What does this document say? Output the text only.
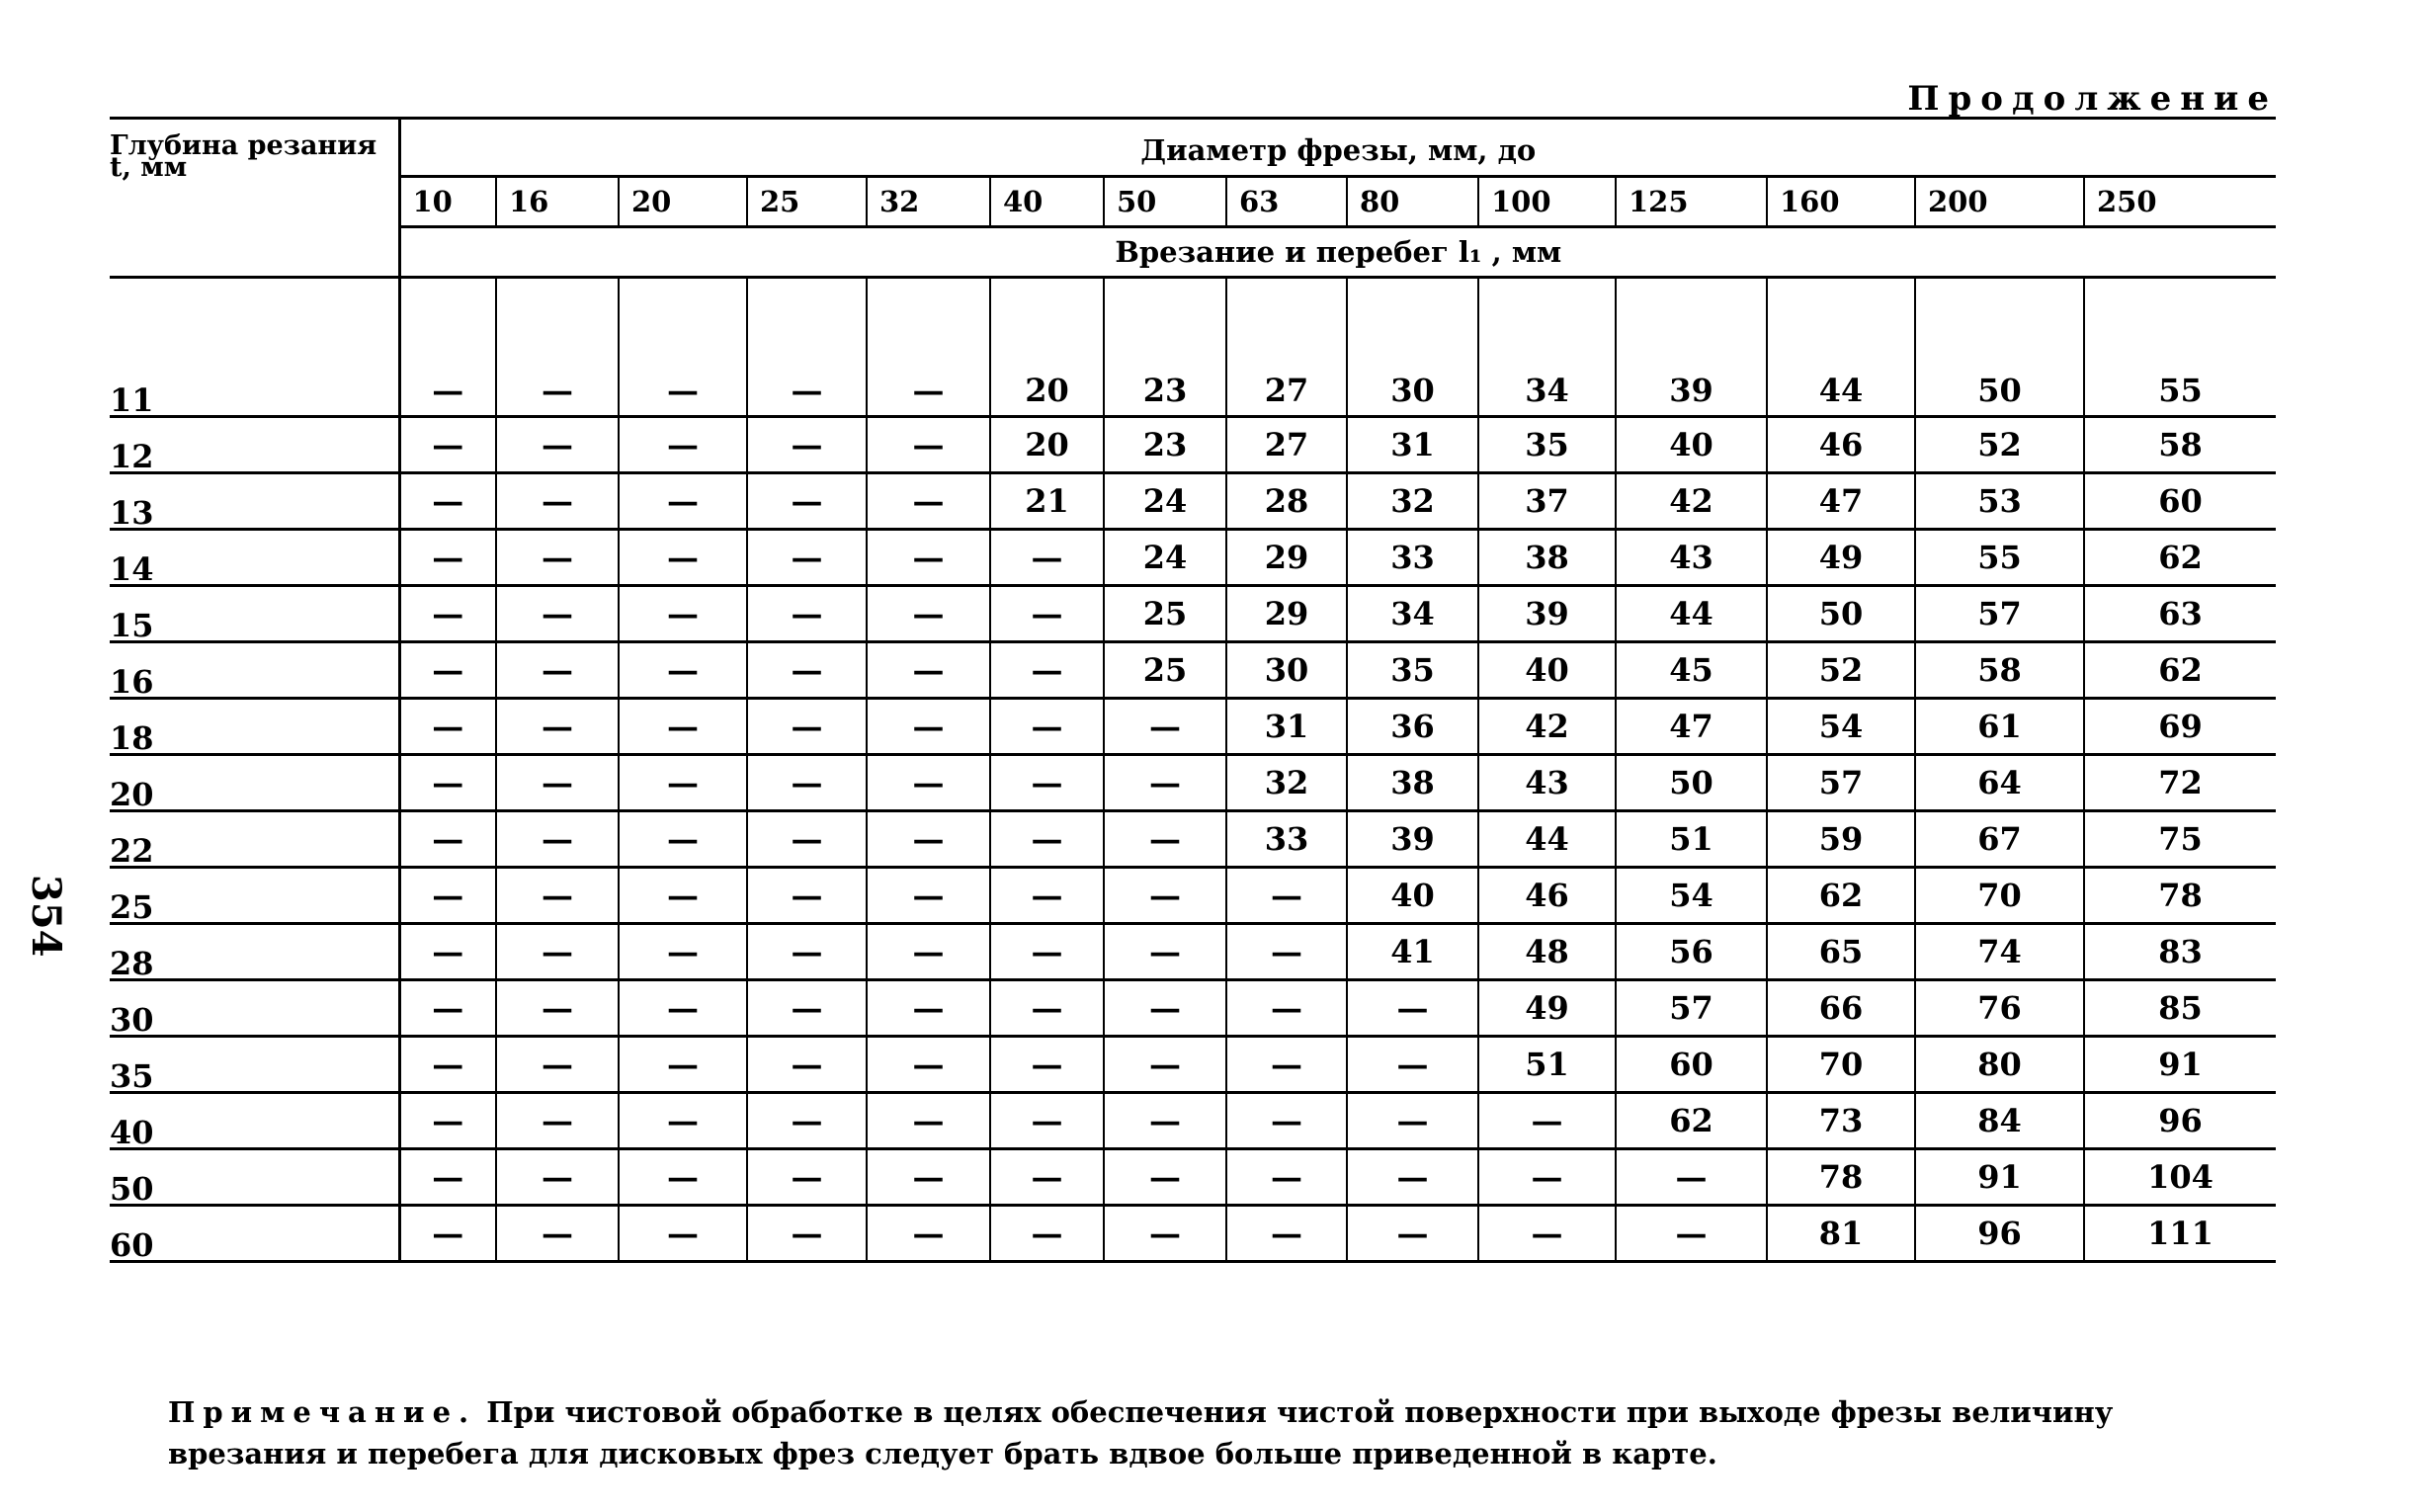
Продолжение
354
Глубина резания
t, мм	Диаметр фрезы, мм, до													
	10	16	20	25	32	40	50	63	80	100	125	160	200	250
	Врезание и перебег l₁ , мм													
11	—	—	—	—	—	20	23	27	30	34	39	44	50	55
12	—	—	—	—	—	20	23	27	31	35	40	46	52	58
13	—	—	—	—	—	21	24	28	32	37	42	47	53	60
14	—	—	—	—	—	—	24	29	33	38	43	49	55	62
15	—	—	—	—	—	—	25	29	34	39	44	50	57	63
16	—	—	—	—	—	—	25	30	35	40	45	52	58	62
18	—	—	—	—	—	—	—	31	36	42	47	54	61	69
20	—	—	—	—	—	—	—	32	38	43	50	57	64	72
22	—	—	—	—	—	—	—	33	39	44	51	59	67	75
25	—	—	—	—	—	—	—	—	40	46	54	62	70	78
28	—	—	—	—	—	—	—	—	41	48	56	65	74	83
30	—	—	—	—	—	—	—	—	—	49	57	66	76	85
35	—	—	—	—	—	—	—	—	—	51	60	70	80	91
40	—	—	—	—	—	—	—	—	—	—	62	73	84	96
50	—	—	—	—	—	—	—	—	—	—	—	78	91	104
60	—	—	—	—	—	—	—	—	—	—	—	81	96	111
Примечание. При чистовой обработке в целях обеспечения чистой поверхности при выходе фрезы величину врезания и перебега для дисковых фрез следует брать вдвое больше приведенной в карте.
